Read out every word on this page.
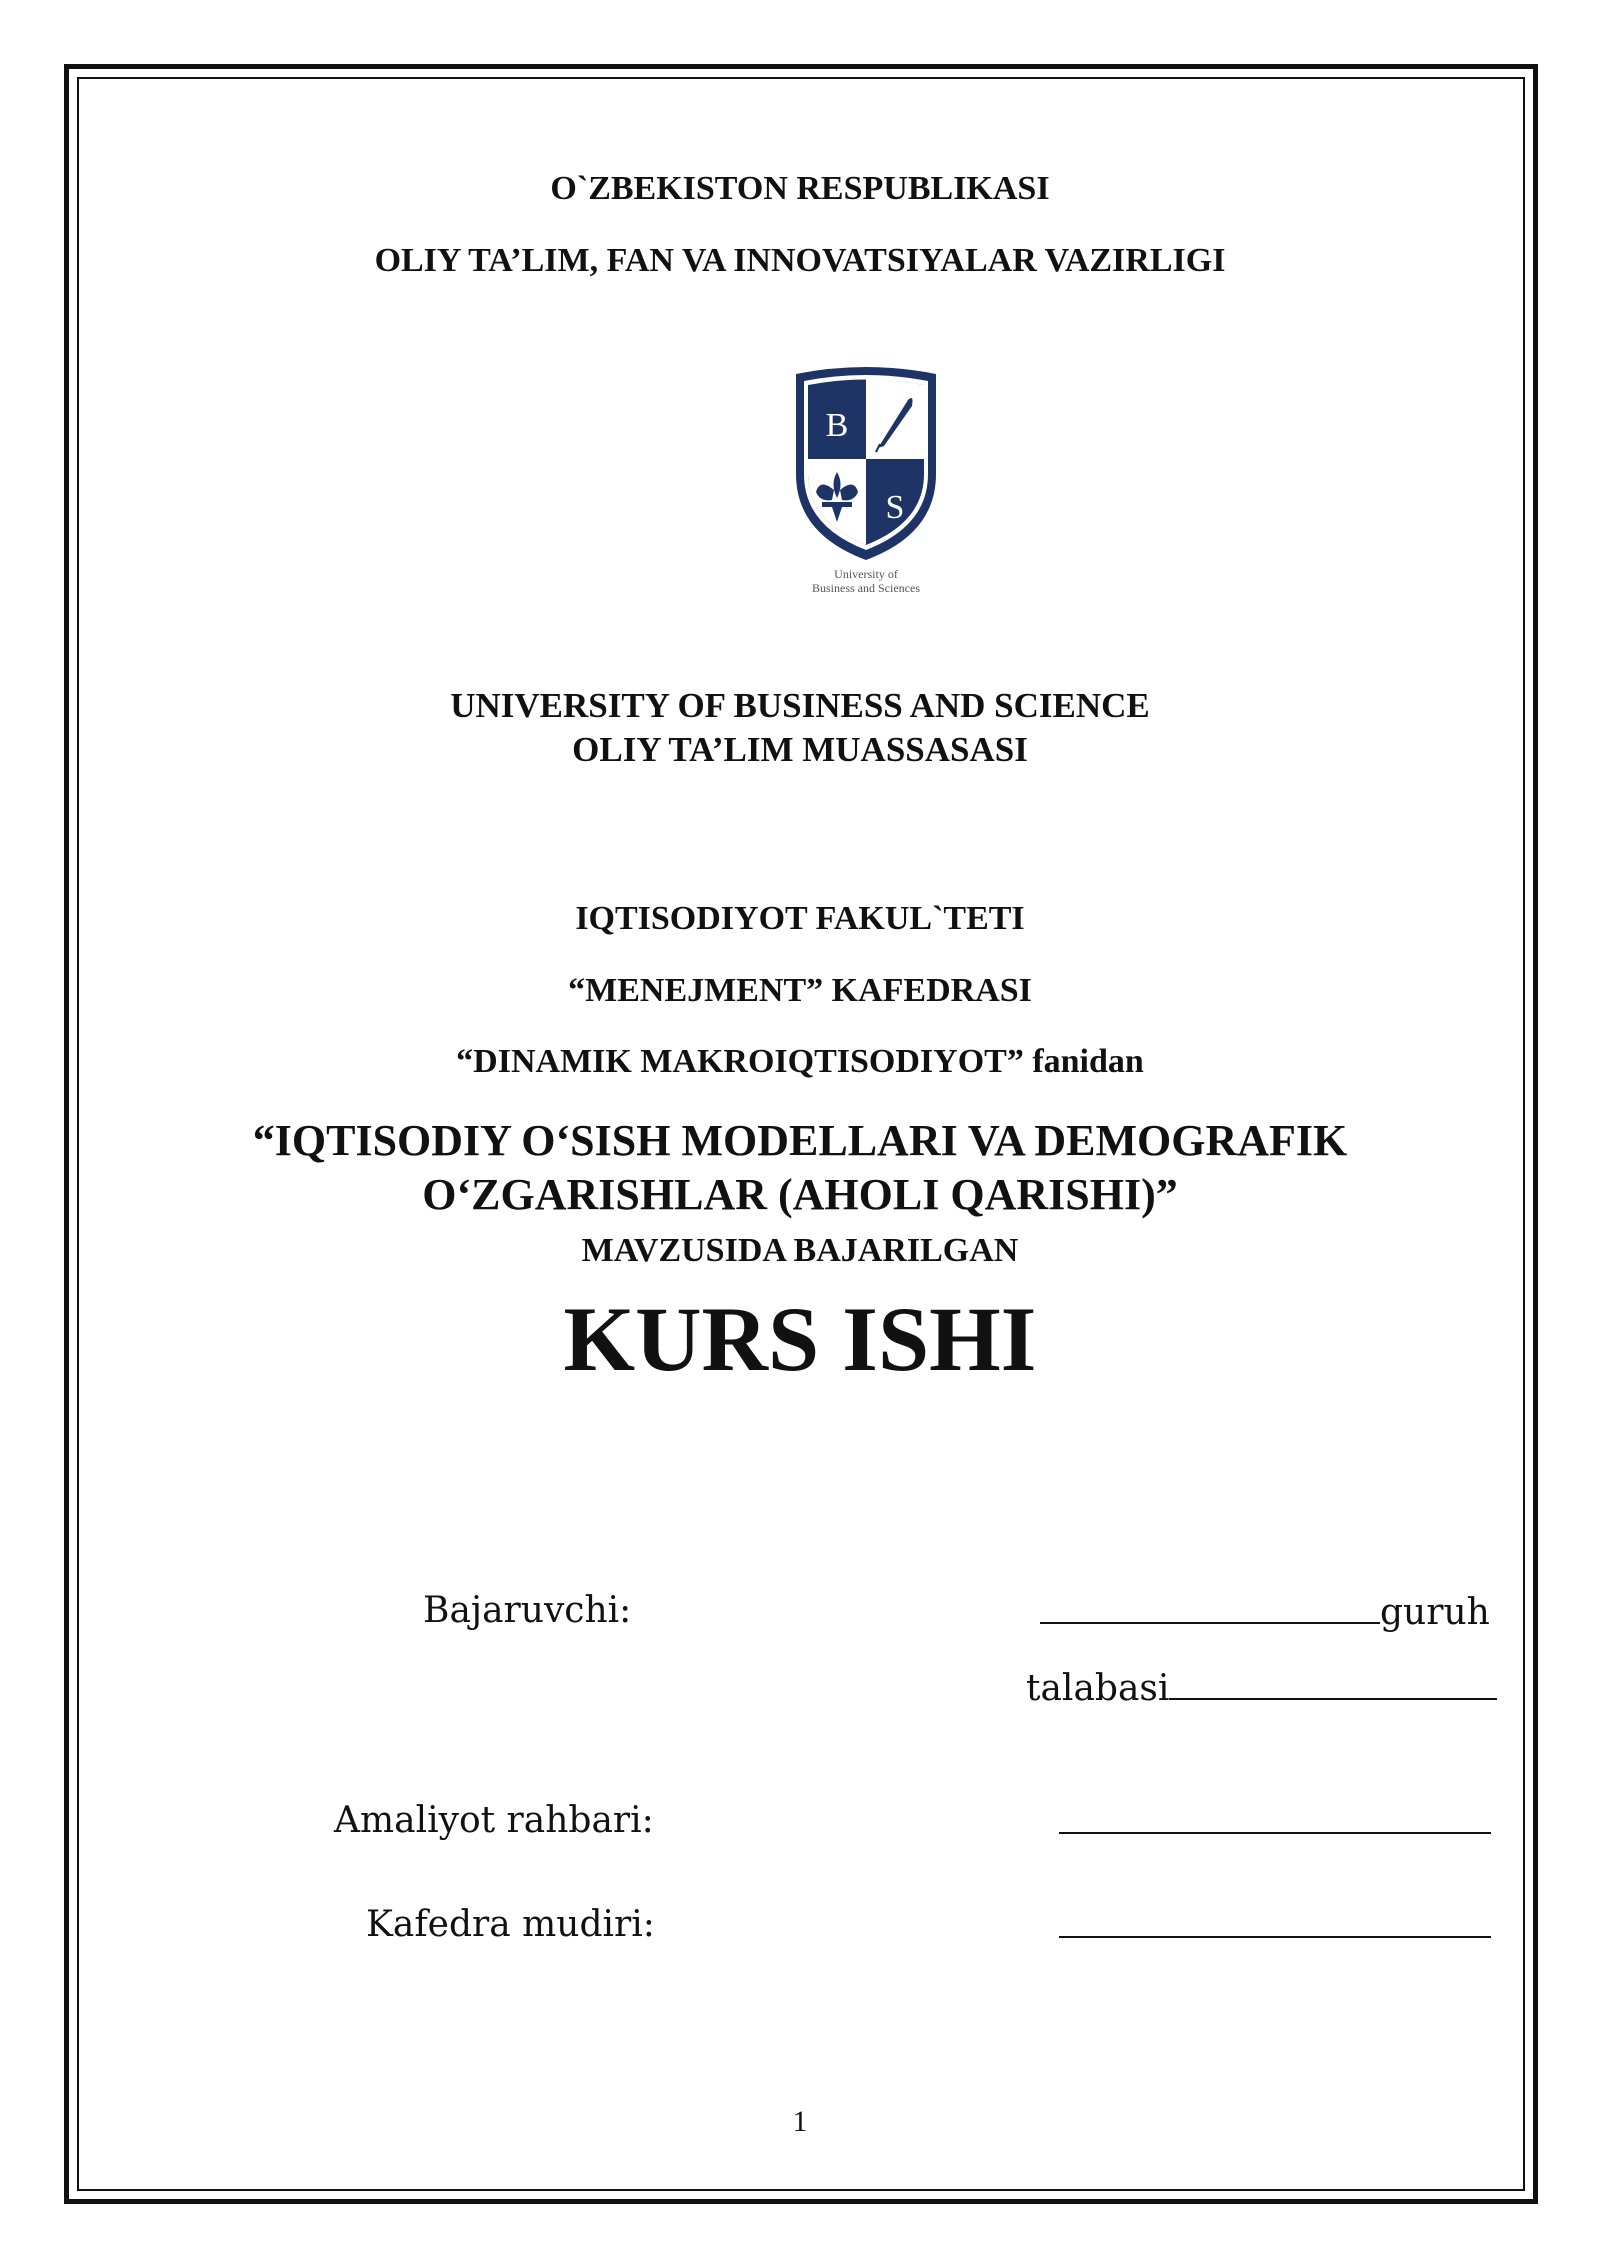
O`ZBEKISTON RESPUBLIKASI
OLIY TA’LIM, FAN VA INNOVATSIYALAR VAZIRLIGI
B
S
University of
Business and Sciences
UNIVERSITY OF BUSINESS AND SCIENCE
OLIY TA’LIM MUASSASASI
IQTISODIYOT FAKUL`TETI
“MENEJMENT” KAFEDRASI
“DINAMIK MAKROIQTISODIYOT” fanidan
“IQTISODIY O‘SISH MODELLARI VA DEMOGRAFIK
O‘ZGARISHLAR (AHOLI QARISHI)”
MAVZUSIDA BAJARILGAN
KURS ISHI
Bajaruvchi:	guruh
talabasi
Amaliyot rahbari:
Kafedra mudiri:
1
